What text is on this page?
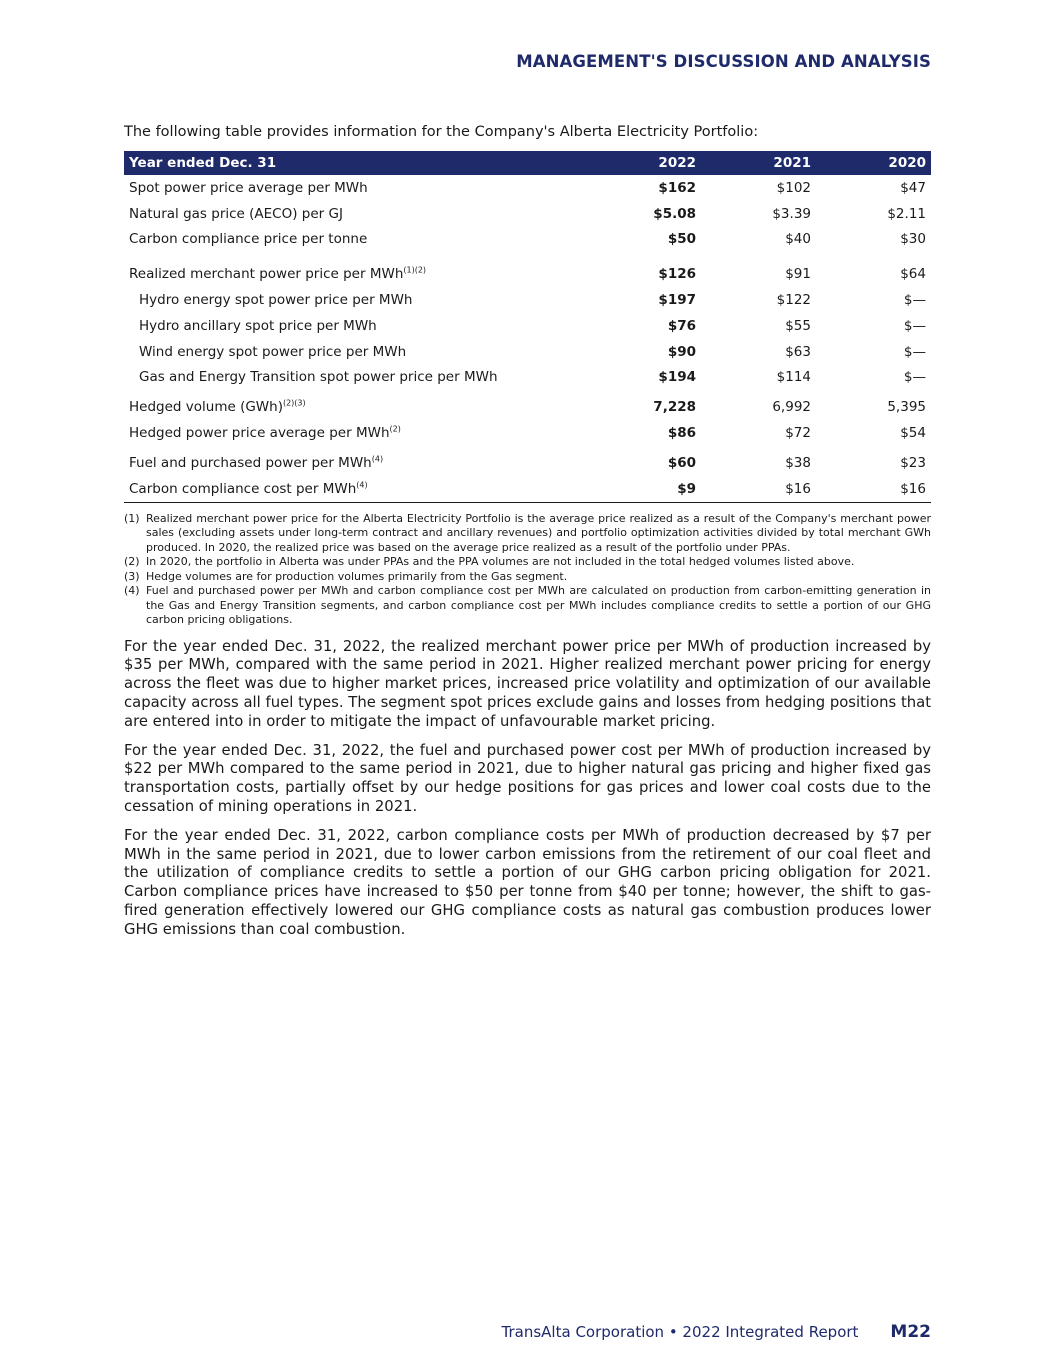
MANAGEMENT'S DISCUSSION AND ANALYSIS

The following table provides information for the Company's Alberta Electricity Portfolio:

Year ended Dec. 31	2022	2021	2020
Spot power price average per MWh	$162	$102	$47
Natural gas price (AECO) per GJ	$5.08	$3.39	$2.11
Carbon compliance price per tonne	$50	$40	$30
Realized merchant power price per MWh$^{(1)(2)}$	$126	$91	$64
Hydro energy spot power price per MWh	$197	$122	$—
Hydro ancillary spot price per MWh	$76	$55	$—
Wind energy spot power price per MWh	$90	$63	$—
Gas and Energy Transition spot power price per MWh	$194	$114	$—
Hedged volume (GWh)$^{(2)(3)}$	7,228	6,992	5,395
Hedged power price average per MWh$^{(2)}$	$86	$72	$54
Fuel and purchased power per MWh$^{(4)}$	$60	$38	$23
Carbon compliance cost per MWh$^{(4)}$	$9	$16	$16
(1) Realized merchant power price for the Alberta Electricity Portfolio is the average price realized as a result of the Company's merchant power sales (excluding assets under long-term contract and ancillary revenues) and portfolio optimization activities divided by total merchant GWh produced. In 2020, the realized price was based on the average price realized as a result of the portfolio under PPAs.
(2) In 2020, the portfolio in Alberta was under PPAs and the PPA volumes are not included in the total hedged volumes listed above.
(3) Hedge volumes are for production volumes primarily from the Gas segment.
(4) Fuel and purchased power per MWh and carbon compliance cost per MWh are calculated on production from carbon-emitting generation in the Gas and Energy Transition segments, and carbon compliance cost per MWh includes compliance credits to settle a portion of our GHG carbon pricing obligations.

For the year ended Dec. 31, 2022, the realized merchant power price per MWh of production increased by $35 per MWh, compared with the same period in 2021. Higher realized merchant power pricing for energy across the fleet was due to higher market prices, increased price volatility and optimization of our available capacity across all fuel types. The segment spot prices exclude gains and losses from hedging positions that are entered into in order to mitigate the impact of unfavourable market pricing.

For the year ended Dec. 31, 2022, the fuel and purchased power cost per MWh of production increased by $22 per MWh compared to the same period in 2021, due to higher natural gas pricing and higher fixed gas transportation costs, partially offset by our hedge positions for gas prices and lower coal costs due to the cessation of mining operations in 2021.

For the year ended Dec. 31, 2022, carbon compliance costs per MWh of production decreased by $7 per MWh in the same period in 2021, due to lower carbon emissions from the retirement of our coal fleet and the utilization of compliance credits to settle a portion of our GHG carbon pricing obligation for 2021. Carbon compliance prices have increased to $50 per tonne from $40 per tonne; however, the shift to gas-fired generation effectively lowered our GHG compliance costs as natural gas combustion produces lower GHG emissions than coal combustion.

TransAlta Corporation • 2022 Integrated Report M22
